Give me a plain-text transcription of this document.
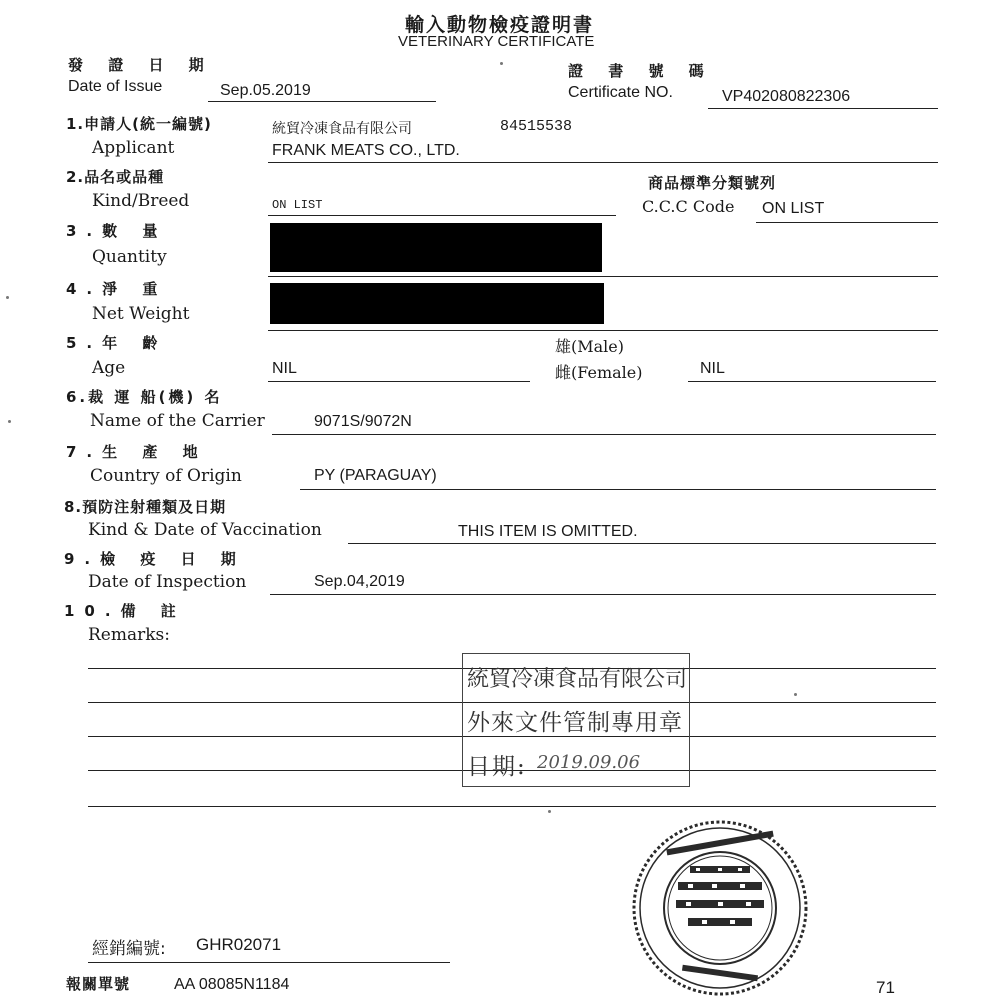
輸入動物檢疫證明書
VETERINARY CERTIFICATE
發 證 日 期
Date of Issue	Sep.05.2019
證 書 號 碼
Certificate NO.	VP402080822306
1.申請人(統一編號)
Applicant
統貿冷凍食品有限公司	84515538
FRANK MEATS CO., LTD.
2.品名或品種
Kind/Breed	ON LIST
商品標準分類號列
C.C.C Code ON LIST
3.數 量
Quantity
4.淨 重
Net Weight
5.年 齡
Age	NIL
雄(Male)
雌(Female)	NIL
6.裁 運 船(機) 名
Name of the Carrier	9071S/9072N
7.生 產 地
Country of Origin	PY (PARAGUAY)
8.預防注射種類及日期
Kind & Date of Vaccination	THIS ITEM IS OMITTED.
9.檢 疫 日 期
Date of Inspection	Sep.04,2019
10.備 註
Remarks:
統貿冷凍食品有限公司
外來文件管制專用章
日期: 2019.09.06
經銷編號: GHR02071
報關單號	AA 08085N1184	71
